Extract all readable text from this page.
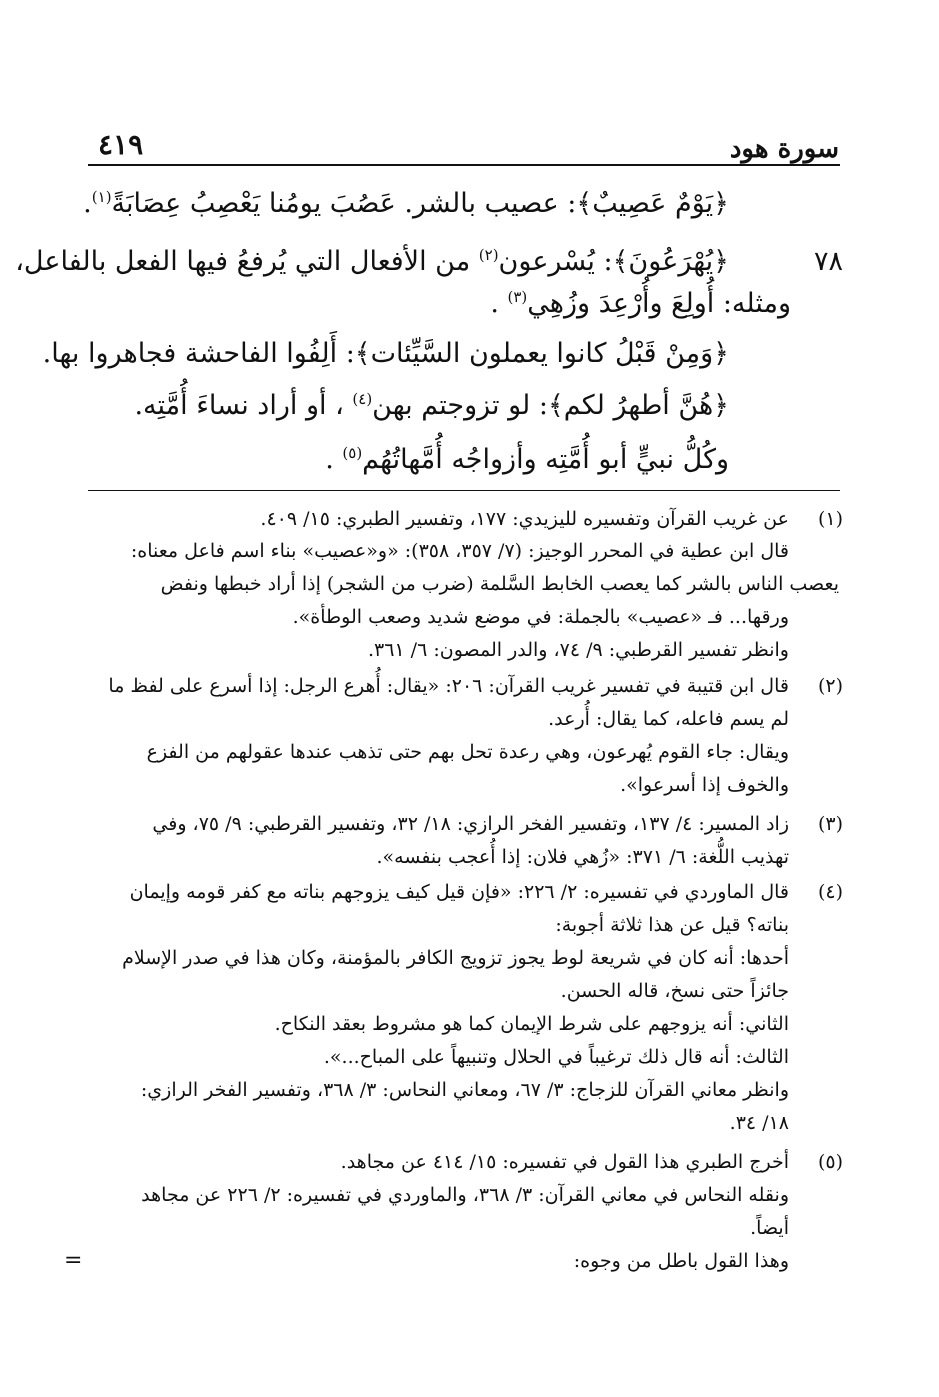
سورة هود
٤١٩
٧٨
﴿يَوْمٌ عَصِيبٌ﴾: عصيب بالشر. عَصُبَ يومُنا يَعْصِبُ عِصَابَةً$^{(١)}$.
﴿يُهْرَعُونَ﴾: يُسْرعون$^{(٢)}$ من الأفعال التي يُرفعُ فيها الفعل بالفاعل،
ومثله: أُولِعَ وأُرْعِدَ وزُهِي$^{(٣)}$ .
﴿وَمِنْ قَبْلُ كانوا يعملون السَّيِّئات﴾: أَلِفُوا الفاحشة فجاهروا بها.
﴿هُنَّ أطهرُ لكم﴾: لو تزوجتم بهن$^{(٤)}$ ، أو أراد نساءَ أُمَّتِه.
وكُلُّ نبيٍّ أبو أُمَّتِه وأزواجُه أُمَّهاتُهُم$^{(٥)}$ .
(١)
عن غريب القرآن وتفسيره لليزيدي: ١٧٧، وتفسير الطبري: ١٥/ ٤٠٩.
قال ابن عطية في المحرر الوجيز: (٧/ ٣٥٧، ٣٥٨): «و«عصيب» بناء اسم فاعل معناه:
يعصب الناس بالشر كما يعصب الخابط السَّلمة (ضرب من الشجر) إذا أراد خبطها ونفض
ورقها... فـ «عصيب» بالجملة: في موضع شديد وصعب الوطأة».
وانظر تفسير القرطبي: ٩/ ٧٤، والدر المصون: ٦/ ٣٦١.
(٢)
قال ابن قتيبة في تفسير غريب القرآن: ٢٠٦: «يقال: أُهرع الرجل: إذا أسرع على لفظ ما
لم يسم فاعله، كما يقال: أُرعد.
ويقال: جاء القوم يُهرعون، وهي رعدة تحل بهم حتى تذهب عندها عقولهم من الفزع
والخوف إذا أسرعوا».
(٣)
زاد المسير: ٤/ ١٣٧، وتفسير الفخر الرازي: ١٨/ ٣٢، وتفسير القرطبي: ٩/ ٧٥، وفي
تهذيب اللُّغة: ٦/ ٣٧١: «زُهي فلان: إذا أُعجب بنفسه».
(٤)
قال الماوردي في تفسيره: ٢/ ٢٢٦: «فإن قيل كيف يزوجهم بناته مع كفر قومه وإيمان
بناته؟ قيل عن هذا ثلاثة أجوبة:
أحدها: أنه كان في شريعة لوط يجوز تزويج الكافر بالمؤمنة، وكان هذا في صدر الإسلام
جائزاً حتى نسخ، قاله الحسن.
الثاني: أنه يزوجهم على شرط الإيمان كما هو مشروط بعقد النكاح.
الثالث: أنه قال ذلك ترغيباً في الحلال وتنبيهاً على المباح...».
وانظر معاني القرآن للزجاج: ٣/ ٦٧، ومعاني النحاس: ٣/ ٣٦٨، وتفسير الفخر الرازي:
١٨/ ٣٤.
(٥)
أخرج الطبري هذا القول في تفسيره: ١٥/ ٤١٤ عن مجاهد.
ونقله النحاس في معاني القرآن: ٣/ ٣٦٨، والماوردي في تفسيره: ٢/ ٢٢٦ عن مجاهد
أيضاً.
وهذا القول باطل من وجوه:
=
